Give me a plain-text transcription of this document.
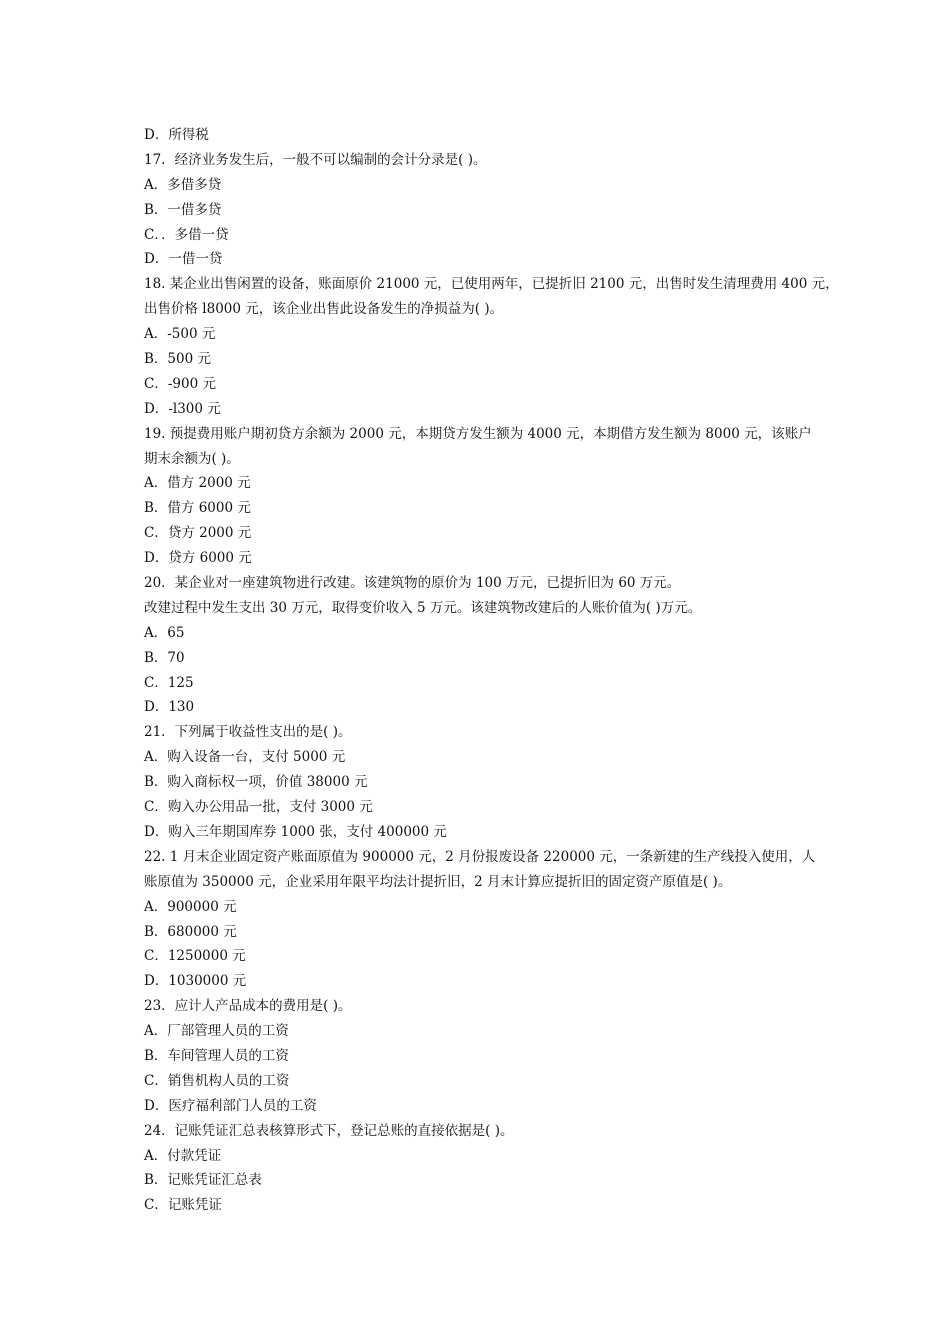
D．所得税
17．经济业务发生后，一般不可以编制的会计分录是( )。
A．多借多贷
B．一借多贷
C．．多借一贷
D．一借一贷
18. 某企业出售闲置的设备，账面原价 21000 元，已使用两年，已提折旧 2100 元，出售时发生清理费用 400 元，
出售价格 l8000 元，该企业出售此设备发生的净损益为( )。
A．-500 元
B．500 元
C．-900 元
D．-l300 元
19. 预提费用账户期初贷方余额为 2000 元，本期贷方发生额为 4000 元，本期借方发生额为 8000 元，该账户
期末余额为( )。
A．借方 2000 元
B．借方 6000 元
C．贷方 2000 元
D．贷方 6000 元
20．某企业对一座建筑物进行改建。该建筑物的原价为 100 万元，已提折旧为 60 万元。
改建过程中发生支出 30 万元，取得变价收入 5 万元。该建筑物改建后的人账价值为( )万元。
A．65
B．70
C．125
D．130
21．下列属于收益性支出的是( )。
A．购入设备一台，支付 5000 元
B．购入商标权一项，价值 38000 元
C．购入办公用品一批，支付 3000 元
D．购入三年期国库券 1000 张，支付 400000 元
22. 1 月末企业固定资产账面原值为 900000 元，2 月份报废设备 220000 元，一条新建的生产线投入使用，人
账原值为 350000 元，企业采用年限平均法计提折旧，2 月末计算应提折旧的固定资产原值是( )。
A．900000 元
B．680000 元
C．1250000 元
D．1030000 元
23．应计人产品成本的费用是( )。
A．厂部管理人员的工资
B．车间管理人员的工资
C．销售机构人员的工资
D．医疗福利部门人员的工资
24．记账凭证汇总表核算形式下，登记总账的直接依据是( )。
A．付款凭证
B．记账凭证汇总表
C．记账凭证
